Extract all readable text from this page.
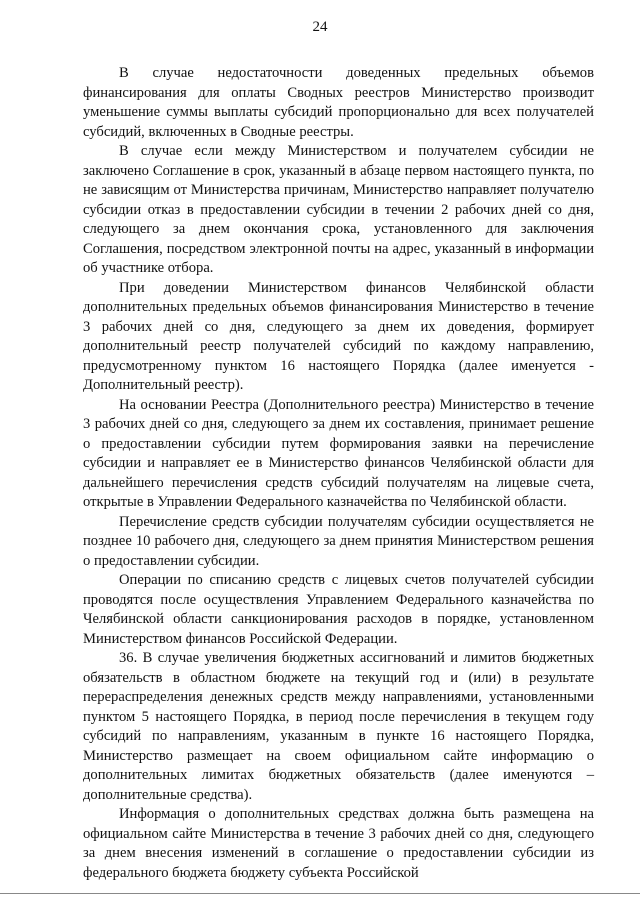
24

В случае недостаточности доведенных предельных объемов финансирования для оплаты Сводных реестров Министерство производит уменьшение суммы выплаты субсидий пропорционально для всех получателей субсидий, включенных в Сводные реестры.

В случае если между Министерством и получателем субсидии не заключено Соглашение в срок, указанный в абзаце первом настоящего пункта, по не зависящим от Министерства причинам, Министерство направляет получателю субсидии отказ в предоставлении субсидии в течении 2 рабочих дней со дня, следующего за днем окончания срока, установленного для заключения Соглашения, посредством электронной почты на адрес, указанный в информации об участнике отбора.

При доведении Министерством финансов Челябинской области дополнительных предельных объемов финансирования Министерство в течение 3 рабочих дней со дня, следующего за днем их доведения, формирует дополнительный реестр получателей субсидий по каждому направлению, предусмотренному пунктом 16 настоящего Порядка (далее именуется - Дополнительный реестр).

На основании Реестра (Дополнительного реестра) Министерство в течение 3 рабочих дней со дня, следующего за днем их составления, принимает решение о предоставлении субсидии путем формирования заявки на перечисление субсидии и направляет ее в Министерство финансов Челябинской области для дальнейшего перечисления средств субсидий получателям на лицевые счета, открытые в Управлении Федерального казначейства по Челябинской области.

Перечисление средств субсидии получателям субсидии осуществляется не позднее 10 рабочего дня, следующего за днем принятия Министерством решения о предоставлении субсидии.

Операции по списанию средств с лицевых счетов получателей субсидии проводятся после осуществления Управлением Федерального казначейства по Челябинской области санкционирования расходов в порядке, установленном Министерством финансов Российской Федерации.

36. В случае увеличения бюджетных ассигнований и лимитов бюджетных обязательств в областном бюджете на текущий год и (или) в результате перераспределения денежных средств между направлениями, установленными пунктом 5 настоящего Порядка, в период после перечисления в текущем году субсидий по направлениям, указанным в пункте 16 настоящего Порядка, Министерство размещает на своем официальном сайте информацию о дополнительных лимитах бюджетных обязательств (далее именуются – дополнительные средства).

Информация о дополнительных средствах должна быть размещена на официальном сайте Министерства в течение 3 рабочих дней со дня, следующего за днем внесения изменений в соглашение о предоставлении субсидии из федерального бюджета бюджету субъекта Российской
